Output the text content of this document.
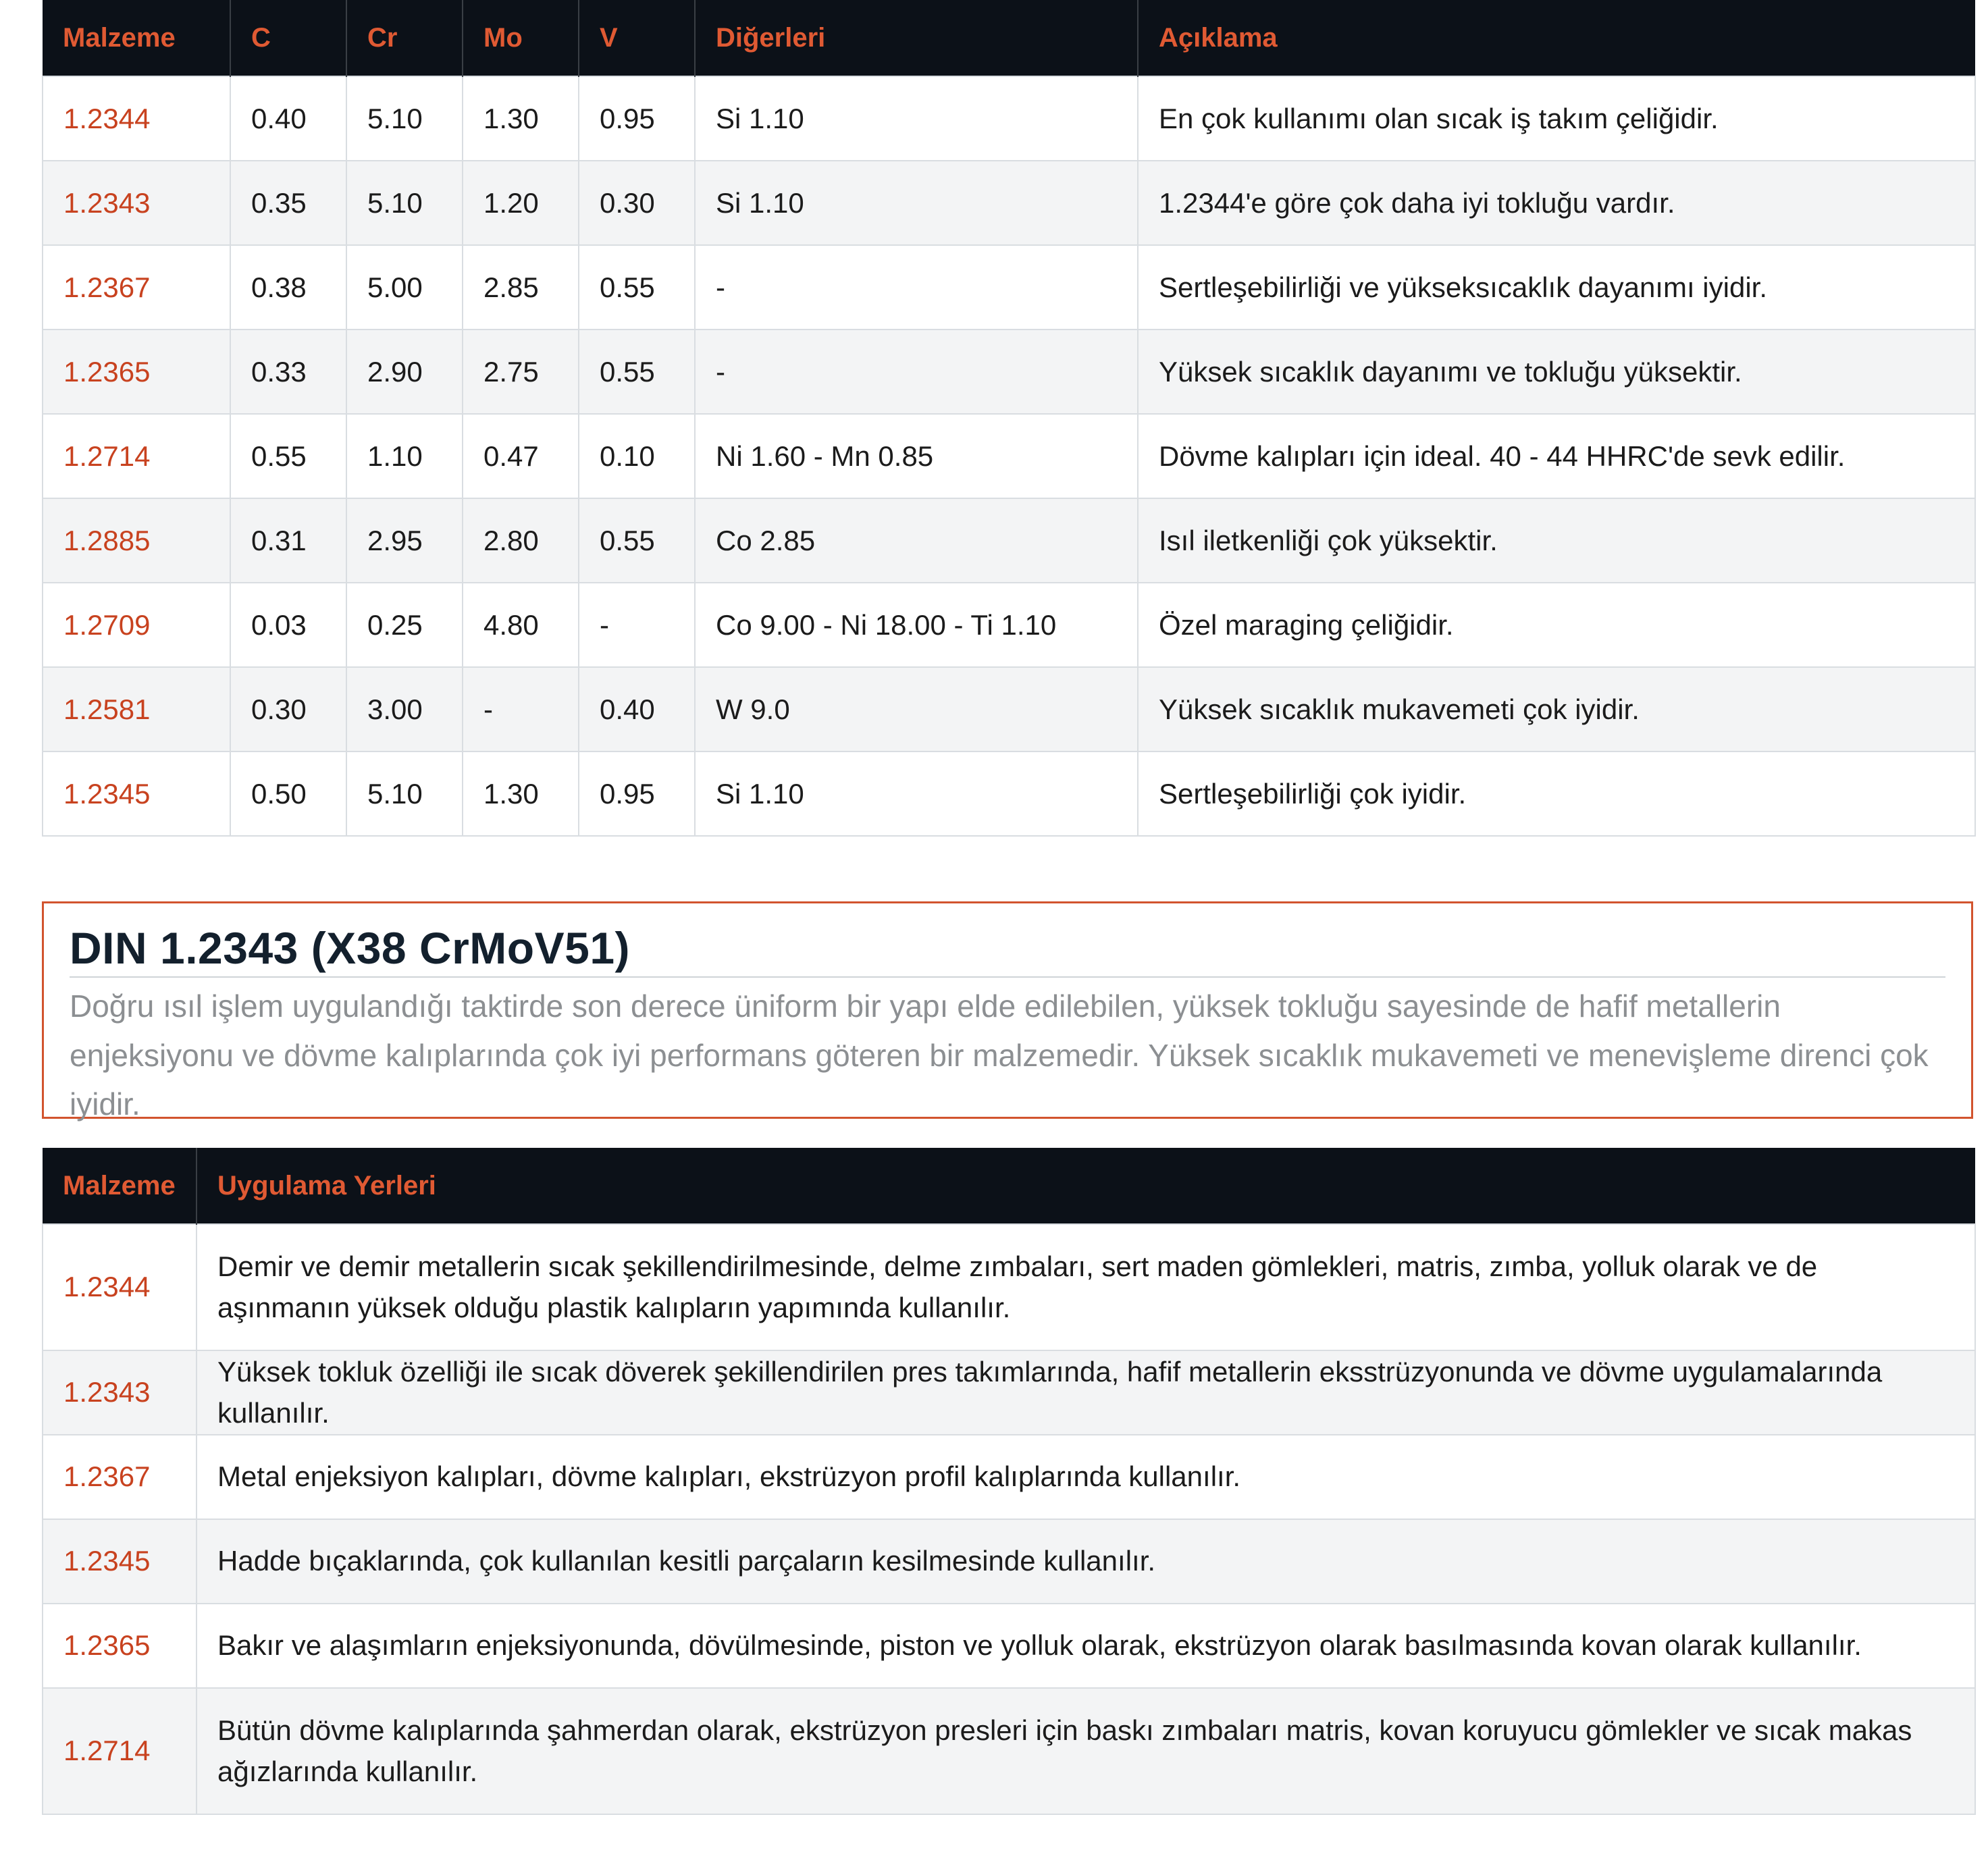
Malzeme	C	Cr	Mo	V	Diğerleri	Açıklama
1.2344	0.40	5.10	1.30	0.95	Si 1.10	En çok kullanımı olan sıcak iş takım çeliğidir.
1.2343	0.35	5.10	1.20	0.30	Si 1.10	1.2344'e göre çok daha iyi tokluğu vardır.
1.2367	0.38	5.00	2.85	0.55	-	Sertleşebilirliği ve yükseksıcaklık dayanımı iyidir.
1.2365	0.33	2.90	2.75	0.55	-	Yüksek sıcaklık dayanımı ve tokluğu yüksektir.
1.2714	0.55	1.10	0.47	0.10	Ni 1.60 - Mn 0.85	Dövme kalıpları için ideal. 40 - 44 HHRC'de sevk edilir.
1.2885	0.31	2.95	2.80	0.55	Co 2.85	Isıl iletkenliği çok yüksektir.
1.2709	0.03	0.25	4.80	-	Co 9.00 - Ni 18.00 - Ti 1.10	Özel maraging çeliğidir.
1.2581	0.30	3.00	-	0.40	W 9.0	Yüksek sıcaklık mukavemeti çok iyidir.
1.2345	0.50	5.10	1.30	0.95	Si 1.10	Sertleşebilirliği çok iyidir.
DIN 1.2343 (X38 CrMoV51)

Doğru ısıl işlem uygulandığı taktirde son derece üniform bir yapı elde edilebilen, yüksek tokluğu sayesinde de hafif metallerin enjeksiyonu ve dövme kalıplarında çok iyi performans göteren bir malzemedir. Yüksek sıcaklık mukavemeti ve menevişleme direnci çok iyidir.

Malzeme	Uygulama Yerleri
1.2344	Demir ve demir metallerin sıcak şekillendirilmesinde, delme zımbaları, sert maden gömlekleri, matris, zımba, yolluk olarak ve de aşınmanın yüksek olduğu plastik kalıpların yapımında kullanılır.
1.2343	Yüksek tokluk özelliği ile sıcak döverek şekillendirilen pres takımlarında, hafif metallerin eksstrüzyonunda ve dövme uygulamalarında kullanılır.
1.2367	Metal enjeksiyon kalıpları, dövme kalıpları, ekstrüzyon profil kalıplarında kullanılır.
1.2345	Hadde bıçaklarında, çok kullanılan kesitli parçaların kesilmesinde kullanılır.
1.2365	Bakır ve alaşımların enjeksiyonunda, dövülmesinde, piston ve yolluk olarak, ekstrüzyon olarak basılmasında kovan olarak kullanılır.
1.2714	Bütün dövme kalıplarında şahmerdan olarak, ekstrüzyon presleri için baskı zımbaları matris, kovan koruyucu gömlekler ve sıcak makas ağızlarında kullanılır.
